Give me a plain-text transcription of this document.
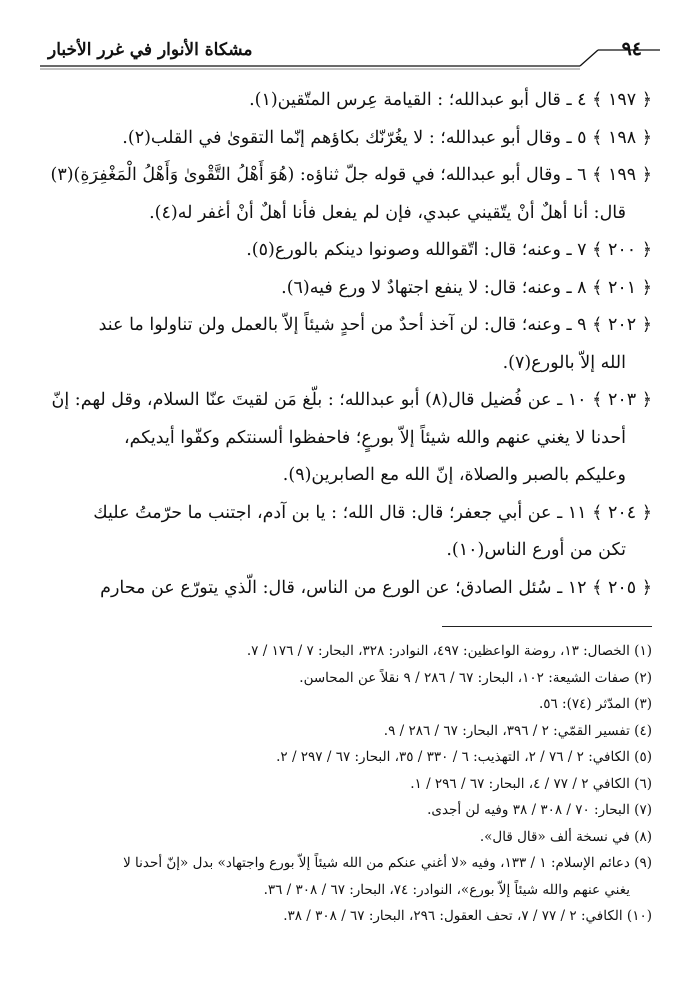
٩٤
مشكاة الأنوار في غرر الأخبار

﴿ ١٩٧ ﴾ ٤ ـ قال أبو عبدالله؛ : القيامة عِرس المتّقين(١).

﴿ ١٩٨ ﴾ ٥ ـ وقال أبو عبدالله؛ : لا يغُرّنّك بكاؤهم إنّما التقوىٰ في القلب(٢).

﴿ ١٩٩ ﴾ ٦ ـ وقال أبو عبدالله؛ في قوله جلّ ثناؤه: (هُوَ أَهْلُ التَّقْوىٰ وَأَهْلُ الْمَغْفِرَةِ)(٣)
قال: أنا أهلٌ أنْ يتّقيني عبدي، فإن لم يفعل فأنا أهلٌ أنْ أغفر له(٤).

﴿ ٢٠٠ ﴾ ٧ ـ وعنه؛ قال: اتّقوالله وصونوا دينكم بالورع(٥).

﴿ ٢٠١ ﴾ ٨ ـ وعنه؛ قال: لا ينفع اجتهادٌ لا ورع فيه(٦).

﴿ ٢٠٢ ﴾ ٩ ـ وعنه؛ قال: لن آخذ أحدٌ من أحدٍ شيئاً إلاّ بالعمل ولن تناولوا ما عند
الله إلاّ بالورع(٧).

﴿ ٢٠٣ ﴾ ١٠ ـ عن فُضيل قال(٨) أبو عبدالله؛ : بلّغ مَن لقيتَ عنّا السلام، وقل لهم: إنّ
أحدنا لا يغني عنهم والله شيئاً إلاّ بورعٍ؛ فاحفظوا ألسنتكم وكفّوا أيديكم،
وعليكم بالصبر والصلاة، إنّ الله مع الصابرين(٩).

﴿ ٢٠٤ ﴾ ١١ ـ عن أبي جعفر؛ قال: قال الله؛ : يا بن آدم، اجتنب ما حرّمتُ عليك
تكن من أورع الناس(١٠).

﴿ ٢٠٥ ﴾ ١٢ ـ سُئل الصادق؛ عن الورع من الناس، قال: الّذي يتورّع عن محارم

(١) الخصال: ١٣، روضة الواعظين: ٤٩٧، النوادر: ٣٢٨، البحار: ٧ / ١٧٦ / ٧.

(٢) صفات الشيعة: ١٠٢، البحار: ٦٧ / ٢٨٦ / ٩ نقلاً عن المحاسن.

(٣) المدّثر (٧٤): ٥٦.

(٤) تفسير القمّي: ٢ / ٣٩٦، البحار: ٦٧ / ٢٨٦ / ٩.

(٥) الكافي: ٢ / ٧٦ / ٢، التهذيب: ٦ / ٣٣٠ / ٣٥، البحار: ٦٧ / ٢٩٧ / ٢.

(٦) الكافي ٢ / ٧٧ / ٤، البحار: ٦٧ / ٢٩٦ / ١.

(٧) البحار: ٧٠ / ٣٠٨ / ٣٨ وفيه لن أجدى.

(٨) في نسخة ألف «قال قال».

(٩) دعائم الإسلام: ١ / ١٣٣، وفيه «لا أغني عنكم من الله شيئاً إلاّ بورع واجتهاد» بدل «إنّ أحدنا لا
يغني عنهم والله شيئاً إلاّ بورع»، النوادر: ٧٤، البحار: ٦٧ / ٣٠٨ / ٣٦.

(١٠) الكافي: ٢ / ٧٧ / ٧، تحف العقول: ٢٩٦، البحار: ٦٧ / ٣٠٨ / ٣٨.
